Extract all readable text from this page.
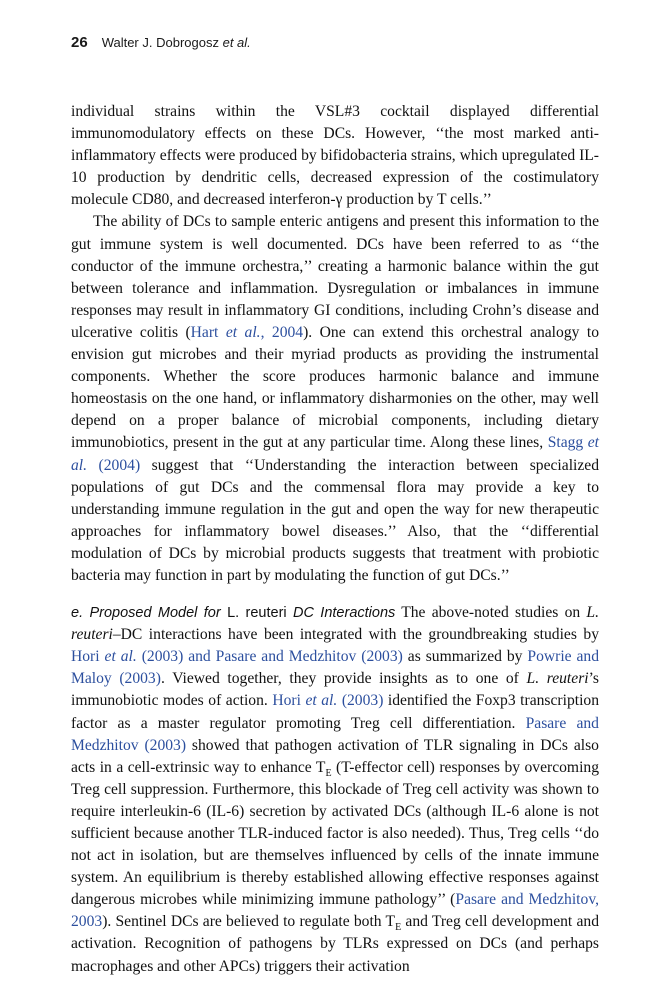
26 Walter J. Dobrogosz et al.

individual strains within the VSL#3 cocktail displayed differential immunomodulatory effects on these DCs. However, ‘‘the most marked anti-inflammatory effects were produced by bifidobacteria strains, which upregulated IL-10 production by dendritic cells, decreased expression of the costimulatory molecule CD80, and decreased interferon-γ production by T cells.’’

The ability of DCs to sample enteric antigens and present this information to the gut immune system is well documented. DCs have been referred to as ‘‘the conductor of the immune orchestra,’’ creating a harmonic balance within the gut between tolerance and inflammation. Dysregulation or imbalances in immune responses may result in inflammatory GI conditions, including Crohn’s disease and ulcerative colitis (Hart et al., 2004). One can extend this orchestral analogy to envision gut microbes and their myriad products as providing the instrumental components. Whether the score produces harmonic balance and immune homeostasis on the one hand, or inflammatory disharmonies on the other, may well depend on a proper balance of microbial components, including dietary immunobiotics, present in the gut at any particular time. Along these lines, Stagg et al. (2004) suggest that ‘‘Understanding the interaction between specialized populations of gut DCs and the commensal flora may provide a key to understanding immune regulation in the gut and open the way for new therapeutic approaches for inflammatory bowel diseases.’’ Also, that the ‘‘differential modulation of DCs by microbial products suggests that treatment with probiotic bacteria may function in part by modulating the function of gut DCs.’’

e. Proposed Model for L. reuteri DC Interactions The above-noted studies on L. reuteri–DC interactions have been integrated with the groundbreaking studies by Hori et al. (2003) and Pasare and Medzhitov (2003) as summarized by Powrie and Maloy (2003). Viewed together, they provide insights as to one of L. reuteri’s immunobiotic modes of action. Hori et al. (2003) identified the Foxp3 transcription factor as a master regulator promoting Treg cell differentiation. Pasare and Medzhitov (2003) showed that pathogen activation of TLR signaling in DCs also acts in a cell-extrinsic way to enhance $T_E$ (T-effector cell) responses by overcoming Treg cell suppression. Furthermore, this blockade of Treg cell activity was shown to require interleukin-6 (IL-6) secretion by activated DCs (although IL-6 alone is not sufficient because another TLR-induced factor is also needed). Thus, Treg cells ‘‘do not act in isolation, but are themselves influenced by cells of the innate immune system. An equilibrium is thereby established allowing effective responses against dangerous microbes while minimizing immune pathology’’ (Pasare and Medzhitov, 2003). Sentinel DCs are believed to regulate both $T_E$ and Treg cell development and activation. Recognition of pathogens by TLRs expressed on DCs (and perhaps macrophages and other APCs) triggers their activation
